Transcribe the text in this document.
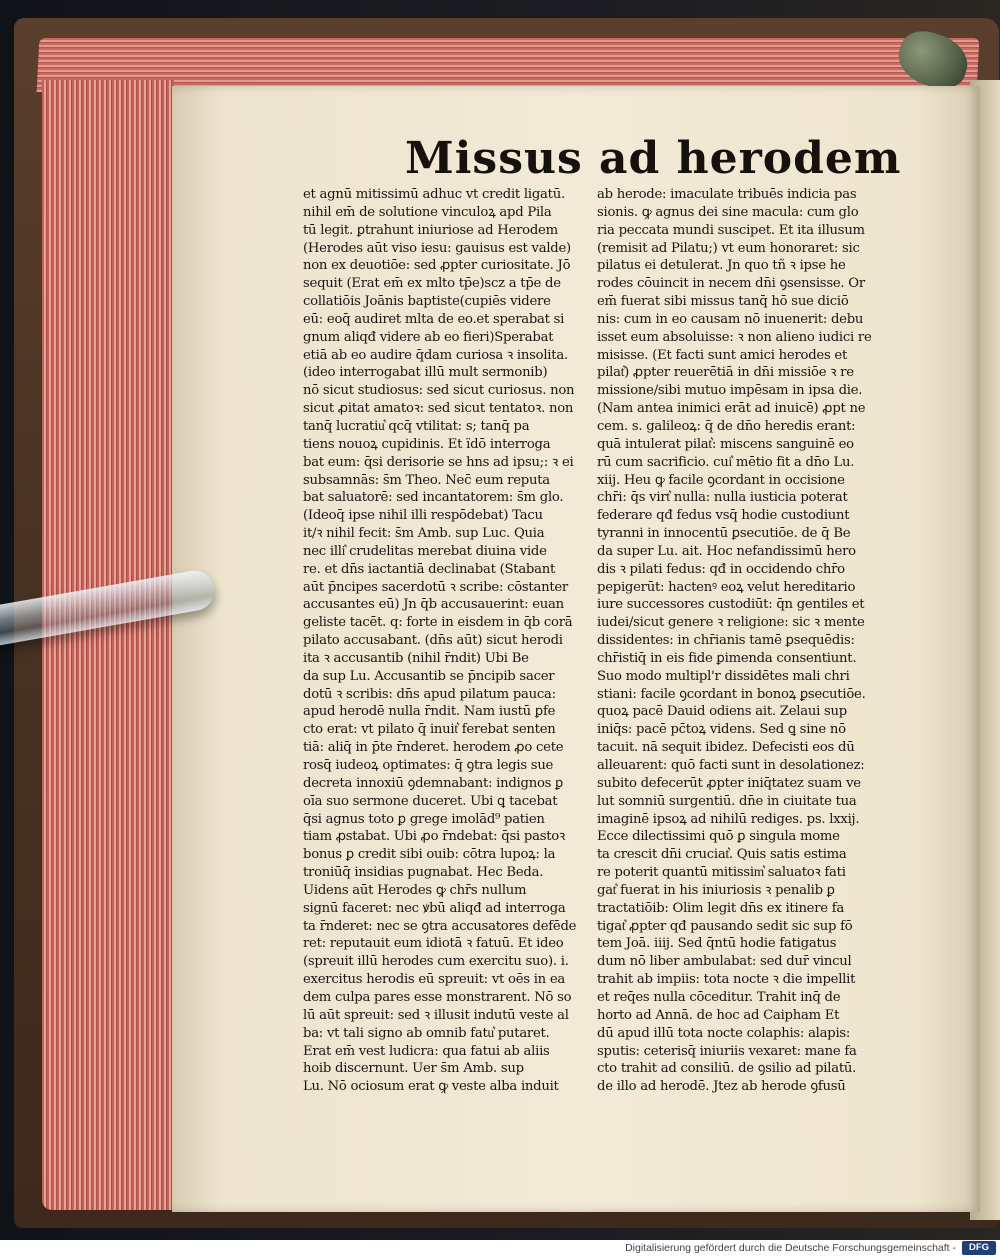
Missus ad herodem
et agnū mitissimū adhuc vt credit ligatū.
nihil em̄ de solutione vinculoꝝ apd̄ Pila
tū legit. ꝑtrahunt iniuriose ad Herodem
(Herodes aūt viso iesu: gauisus est valde)
non ex deuotiōe: sed ꝓpter curiositate. Jō
sequit (Erat em̄ ex mlto tp̄e)scz a tp̄e de
collatiōis Joānis baptiste(cupiēs videre
eū: eoq̄ audiret mlta de eo.et sperabat si
gnum aliqđ videre ab eo fieri)Sperabat
etiā ab eo audire q̄dam curiosa ꝛ insolita.
(ideo interrogabat illū mult̄ sermonib)
nō sicut studiosus: sed sicut curiosus. non
sicut ꝓitat̄ amatoꝛ: sed sicut tentatoꝛ. non
tanq̄ lucratiu͛ qcq̄ vtilitat̄: s; tanq̄ pa
tiens nouoꝝ cupidinis. Et ïdō interroga
bat eum: q̄si derisorie se h̄ns ad ipsu;: ꝛ ei
subsamnās: s̄m Theo. Nec̄ eum reputa
bat saluatorē: sed incantatorem: s̄m glo.
(Ideoq̄ ipse nihil illi respōdebat) Tacu
it/ꝛ nihil fecit: s̄m Amb. sup Luc. Quia
nec illi͛ crudelitas merebat diuina vide
re. et dn̄s iactantiā declinabat (Stabant
aūt p̄ncipes sacerdotū ꝛ scribe: cōstanter
accusantes eū) Jn q̄b accusauerint: euan
geliste tacēt. q: forte in eisdem in q̄b corā
pilato accusabant. (dn̄s aūt) sicut herodi
ita ꝛ accusantib (nihil r̄ndit) Ubi Be
da sup Lu. Accusantib se p̄ncipib sacer
dotū ꝛ scribis: dn̄s apud pilatum pauca:
apud herodē nulla r̄ndit. Nam iustū ꝑfe
cto erat: vt pilato q̄ inuit͛ ferebat senten
tiā: aliq̄ in p̄te r̄nderet. herodem ꝓo cete
rosq̄ iudeoꝝ optimates: q̄ ꝯtra legis sue
decreta innoxiū ꝯdemnabant: indignos ꝑ
oīa suo sermone duceret. Ubi ꝗ tacebat
q̄si agnus toto ꝑ grege imolād⁹ patien
tiam ꝓstabat. Ubi ꝓo r̄ndebat: q̄si pastoꝛ
bonus ꝑ credit̄ sibi ouib: cōtra lupoꝝ: la
troniūq̄ insidias pugnabat. Hec Beda.
Uidens aūt Herodes ꝙ chr̄s nullum
signū faceret: nec ꝟbū aliqđ ad interroga
ta r̄nderet: nec se ꝯtra accusatores defēde
ret: reputauit eum idiotā ꝛ fatuū. Et ideo
(spreuit illū herodes cum exercitu suo). i.
exercitus herodis eū spreuit: vt oēs in ea
dem culpa pares esse monstrarent. Nō so
lū aūt spreuit: sed ꝛ illusit indutū veste al
ba: vt tali signo ab omnib fatu͛ putaret.
Erat em̄ vest̄ ludicra: qua fatui ab aliis
hoib discernunt. Uer s̄m Amb. sup
Lu. Nō ociosum erat ꝙ veste alba induit
ab herode: imaculate tribuēs indicia pas
sionis. ꝙ agnus dei sine macula: cum glo
ria peccata mundi suscipet. Et ita illusum
(remisit ad Pilatu;) vt eum honoraret: sic
pilatus ei detulerat. Jn quo tñ ꝛ ipse he
rodes cōuincit in necem dn̄i ꝯsensisse. Or
em̄ fuerat sibi missus tanq̄ hō sue diciō
nis: cum in eo causam nō inuenerit: debu
isset eum absoluisse: ꝛ non alieno iudici re
misisse. (Et facti sunt amici herodes et
pilat͛) ꝓpter reuerētiā in dn̄i missiōe ꝛ re
missione/sibi mutuo impēsam in ipsa die.
(Nam antea inimici erāt ad inuicē) ꝓpt ne
cem. s. galileoꝝ: q̄ de dn̄o heredis erant:
quā intulerat pilat͛: miscens sanguinē eo
rū cum sacrificio. cui͛ mētio fit a dn̄o Lu.
xiij. Heu ꝙ facile ꝯcordant in occisione
chr̄i: q̄s virt͛ nulla: nulla iusticia poterat
federare qđ fedus vsq̄ hodie custodiunt
tyranni in innocentū ꝑsecutiōe. de q̄ Be
da super Lu. ait. Hoc nefandissimū hero
dis ꝛ pilati fedus: qđ in occidendo chr̄o
pepigerūt: hactenꝰ eoꝝ velut hereditario
iure successores custodiūt: q̄n gentiles et
iudei/sicut genere ꝛ religione: sic ꝛ mente
dissidentes: in chr̄ianis tamē ꝑsequēdis:
chr̄istiq̄ in eis fide ꝑimenda consentiunt.
Suo modo multipl'r dissidētes mali chri
stiani: facile ꝯcordant in bonoꝝ ꝑsecutiōe.
quoꝝ pacē Dauid odiens ait. Zelaui sup
iniq̄s: pacē pc̄toꝝ videns. Sed ꝗ sine nō
tacuit. nā sequit ibidez. Defecisti eos dū
alleuarent: quō facti sunt in desolationez:
subito defecerūt ꝓpter iniq̄tatez suam ve
lut somniū surgentiū. dn̄e in ciuitate tua
imaginē ipsoꝝ ad nihilū rediges. ps. lxxij.
Ecce dilectissimi quō ꝑ singula mome
ta crescit dn̄i cruciat͛. Quis satis estima
re poterit quantū mitissim͛ saluatoꝛ fati
gat͛ fuerat in his iniuriosis ꝛ penalib ꝑ
tractatiōib: Olim legit dn̄s ex itinere fa
tigat͛ ꝓpter qđ pausando sedit sic sup fō
tem Joā. iiij. Sed q̄ntū hodie fatigatus
dum nō liber ambulabat: sed dur̄ vincul
trahit ab impiis: tota nocte ꝛ die impellit
et req̄es nulla cōceditur. Trahit inq̄ de
horto ad Annā. de hoc ad Caipham Et
dū apud illū tota nocte colaphis: alapis:
sputis: ceterisq̄ iniuriis vexaret: mane fa
cto trahit ad consiliū. de ꝯsilio ad pilatū.
de illo ad herodē. Jtez ab herode ꝯfusū
Digitalisierung gefördert durch die Deutsche Forschungsgemeinschaft -	DFG
